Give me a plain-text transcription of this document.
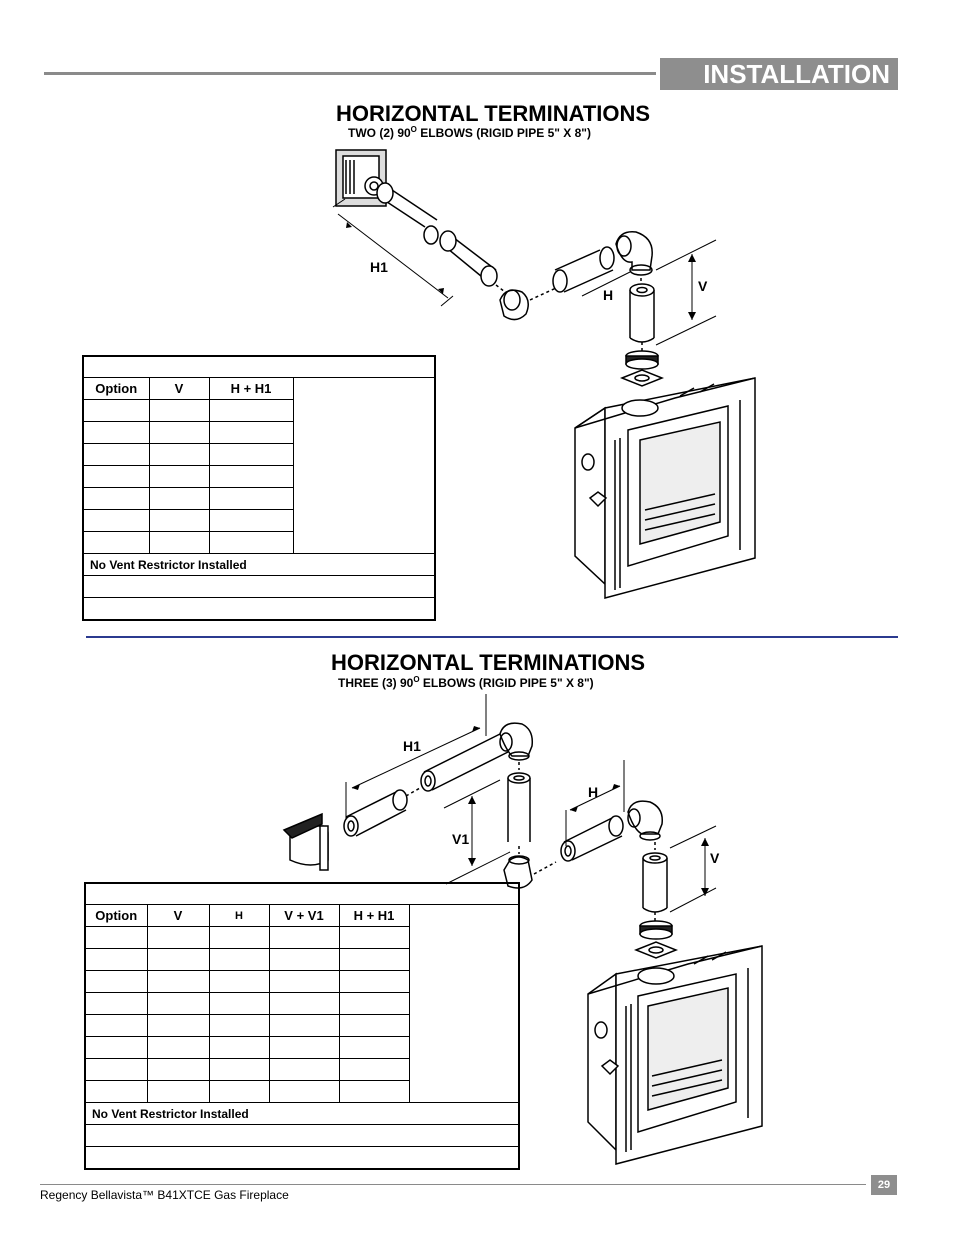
INSTALLATION
HORIZONTAL TERMINATIONS
TWO (2) $90^O$ ELBOWS (RIGID PIPE 5" X 8")
H1
H
V

Option	V	H + H1	

No Vent Restrictor Installed			

HORIZONTAL TERMINATIONS
THREE (3) $90^O$ ELBOWS (RIGID PIPE 5" X 8")
H1
H
V1
V

Option	V	H	V + V1	H + H1	

No Vent Restrictor Installed					

Regency Bellavista™ B41XTCE Gas Fireplace
29
